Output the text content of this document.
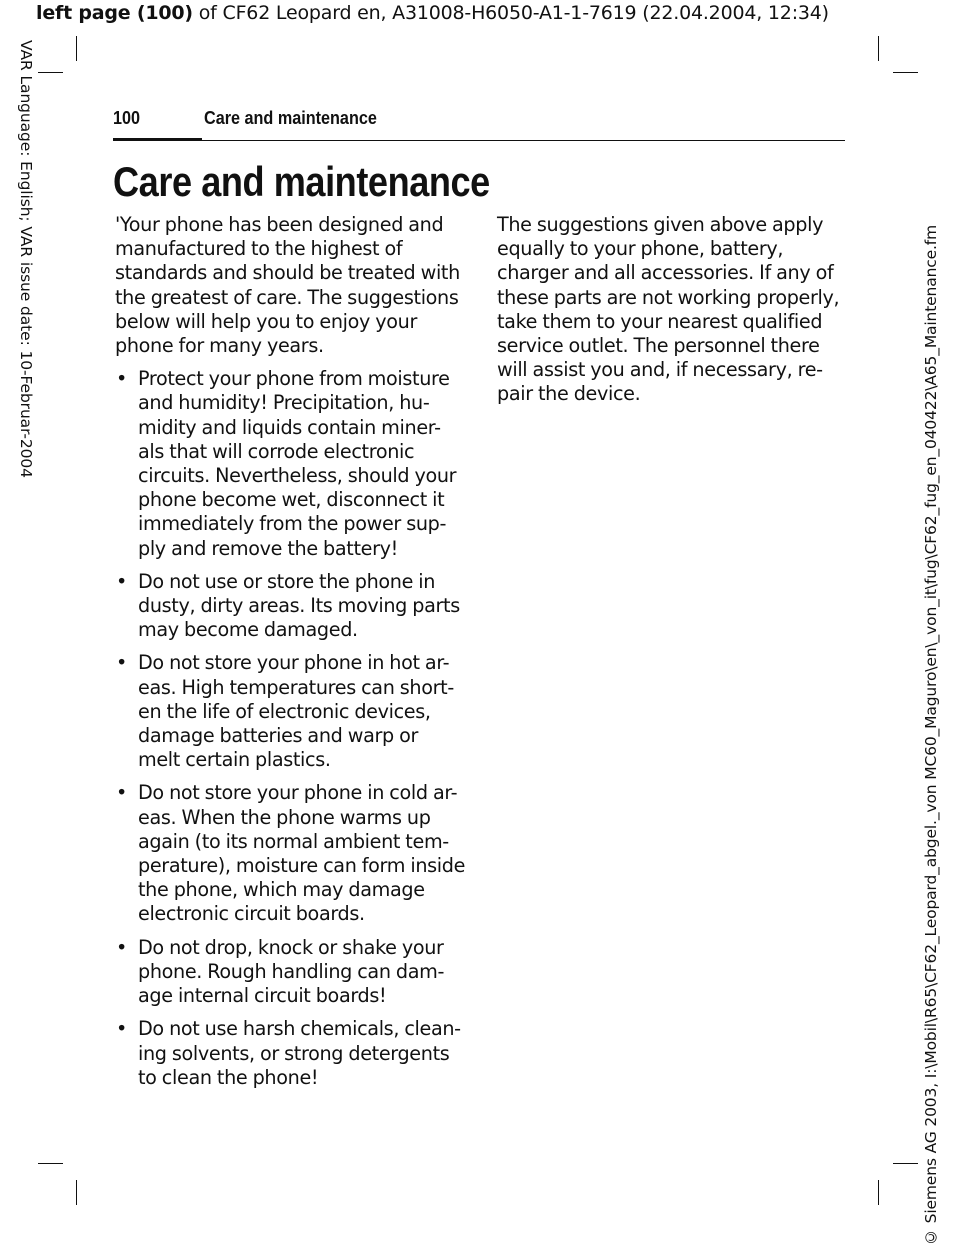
left page (100) of CF62 Leopard en, A31008-H6050-A1-1-7619 (22.04.2004, 12:34)
VAR Language: English; VAR issue date: 10-Februar-2004	© Siemens AG 2003, I:\Mobil\R65\CF62_Leopard_abgel._von MC60_Maguro\en\_von_it\fug\CF62_fug_en_040422\A65_Maintenance.fm
100	Care and maintenance
Care and maintenance

'Your phone has been designed and
manufactured to the highest of
standards and should be treated with
the greatest of care. The suggestions
below will help you to enjoy your
phone for many years.

• Protect your phone from moisture
and humidity! Precipitation, hu-
midity and liquids contain miner-
als that will corrode electronic
circuits. Nevertheless, should your
phone become wet, disconnect it
immediately from the power sup-
ply and remove the battery!
• Do not use or store the phone in
dusty, dirty areas. Its moving parts
may become damaged.
• Do not store your phone in hot ar-
eas. High temperatures can short-
en the life of electronic devices,
damage batteries and warp or
melt certain plastics.
• Do not store your phone in cold ar-
eas. When the phone warms up
again (to its normal ambient tem-
perature), moisture can form inside
the phone, which may damage
electronic circuit boards.
• Do not drop, knock or shake your
phone. Rough handling can dam-
age internal circuit boards!
• Do not use harsh chemicals, clean-
ing solvents, or strong detergents
to clean the phone!

The suggestions given above apply
equally to your phone, battery,
charger and all accessories. If any of
these parts are not working properly,
take them to your nearest qualified
service outlet. The personnel there
will assist you and, if necessary, re-
pair the device.
